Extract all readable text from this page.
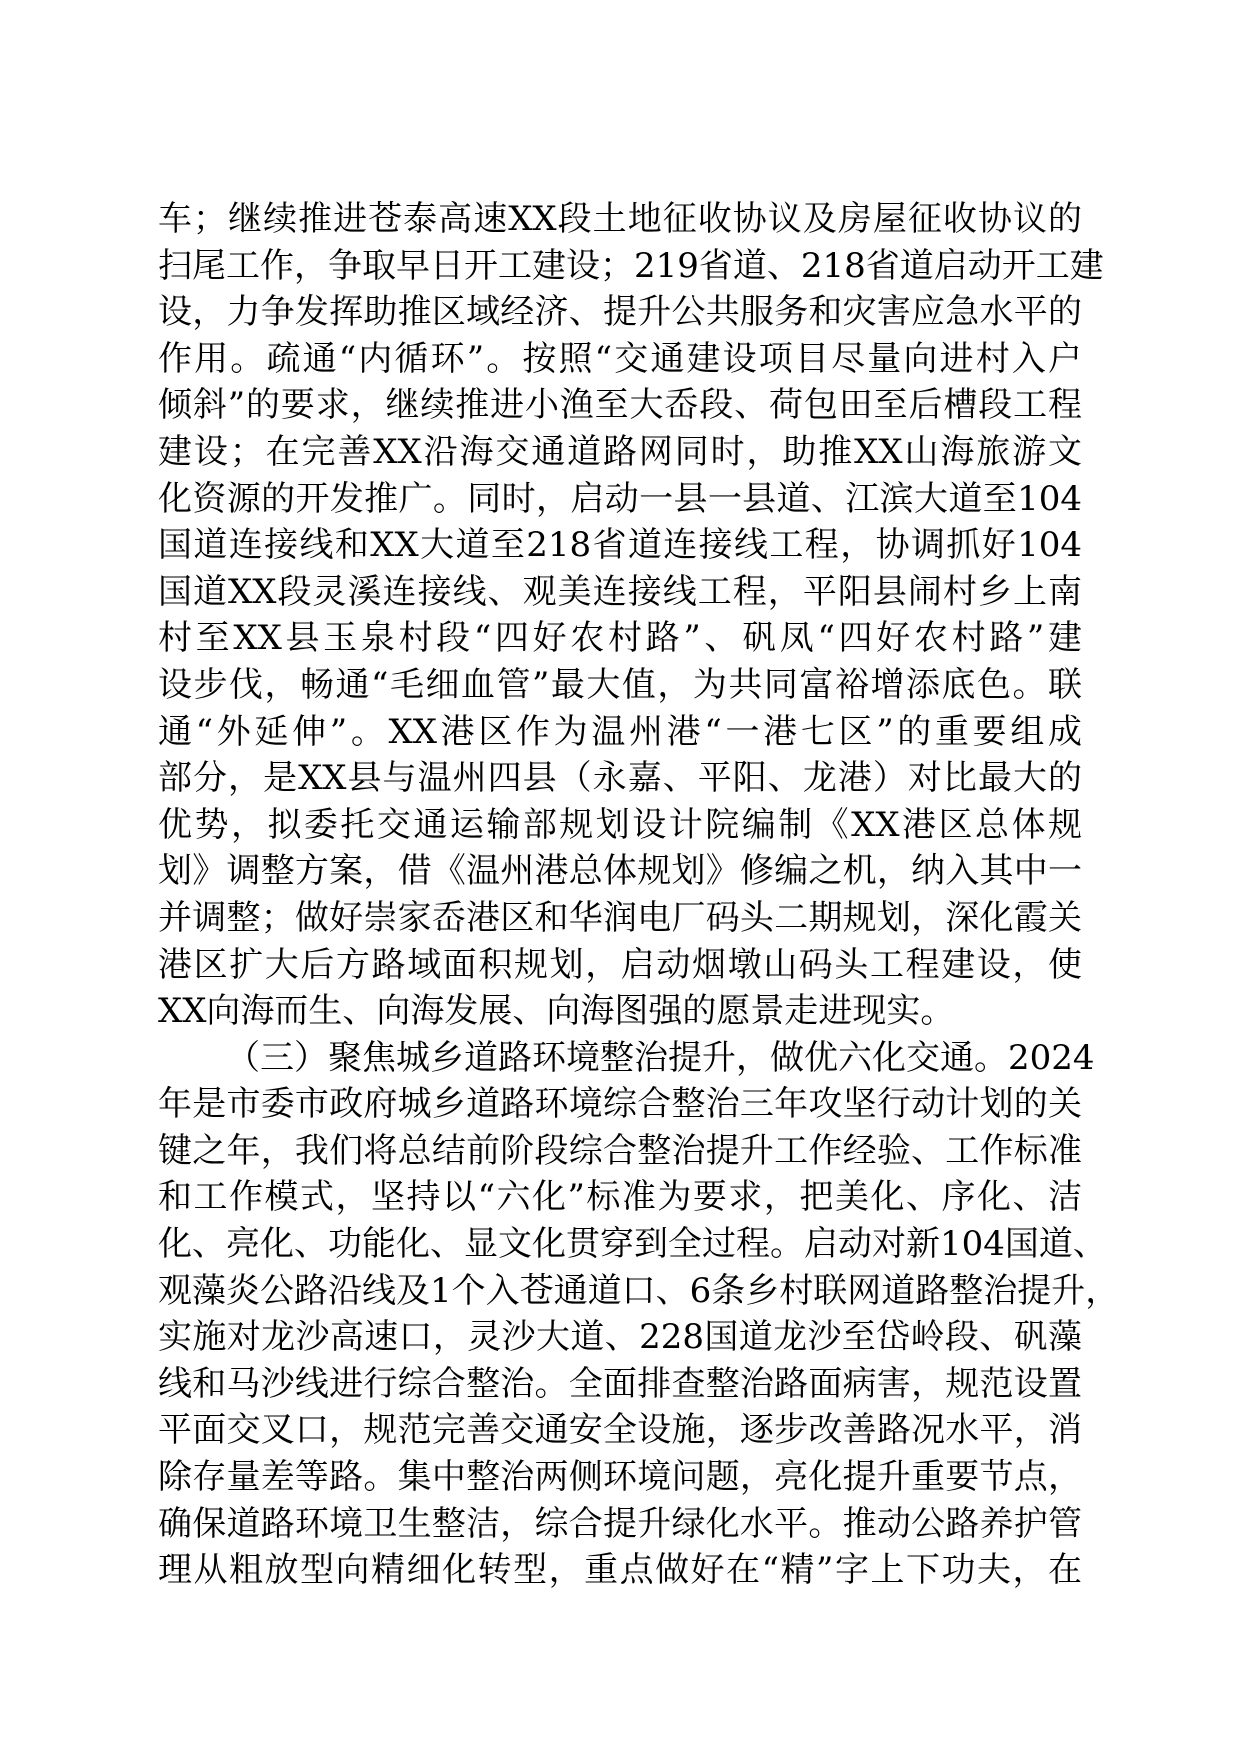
车；继续推进苍泰高速XX段土地征收协议及房屋征收协议的
扫尾工作，争取早日开工建设；219省道、218省道启动开工建
设，力争发挥助推区域经济、提升公共服务和灾害应急水平的
作用。疏通“内循环”。按照“交通建设项目尽量向进村入户
倾斜”的要求，继续推进小渔至大岙段、荷包田至后槽段工程
建设；在完善XX沿海交通道路网同时，助推XX山海旅游文
化资源的开发推广。同时，启动一县一县道、江滨大道至104
国道连接线和XX大道至218省道连接线工程，协调抓好104
国道XX段灵溪连接线、观美连接线工程，平阳县闹村乡上南
村至XX县玉泉村段“四好农村路”、矾凤“四好农村路”建
设步伐，畅通“毛细血管”最大值，为共同富裕增添底色。联
通“外延伸”。XX港区作为温州港“一港七区”的重要组成
部分，是XX县与温州四县（永嘉、平阳、龙港）对比最大的
优势，拟委托交通运输部规划设计院编制《XX港区总体规
划》调整方案，借《温州港总体规划》修编之机，纳入其中一
并调整；做好崇家岙港区和华润电厂码头二期规划，深化霞关
港区扩大后方路域面积规划，启动烟墩山码头工程建设，使
XX向海而生、向海发展、向海图强的愿景走进现实。
（三）聚焦城乡道路环境整治提升，做优六化交通。2024
年是市委市政府城乡道路环境综合整治三年攻坚行动计划的关
键之年，我们将总结前阶段综合整治提升工作经验、工作标准
和工作模式，坚持以“六化”标准为要求，把美化、序化、洁
化、亮化、功能化、显文化贯穿到全过程。启动对新104国道、
观藻炎公路沿线及1个入苍通道口、6条乡村联网道路整治提升，
实施对龙沙高速口，灵沙大道、228国道龙沙至岱岭段、矾藻
线和马沙线进行综合整治。全面排查整治路面病害，规范设置
平面交叉口，规范完善交通安全设施，逐步改善路况水平，消
除存量差等路。集中整治两侧环境问题，亮化提升重要节点，
确保道路环境卫生整洁，综合提升绿化水平。推动公路养护管
理从粗放型向精细化转型，重点做好在“精”字上下功夫，在
